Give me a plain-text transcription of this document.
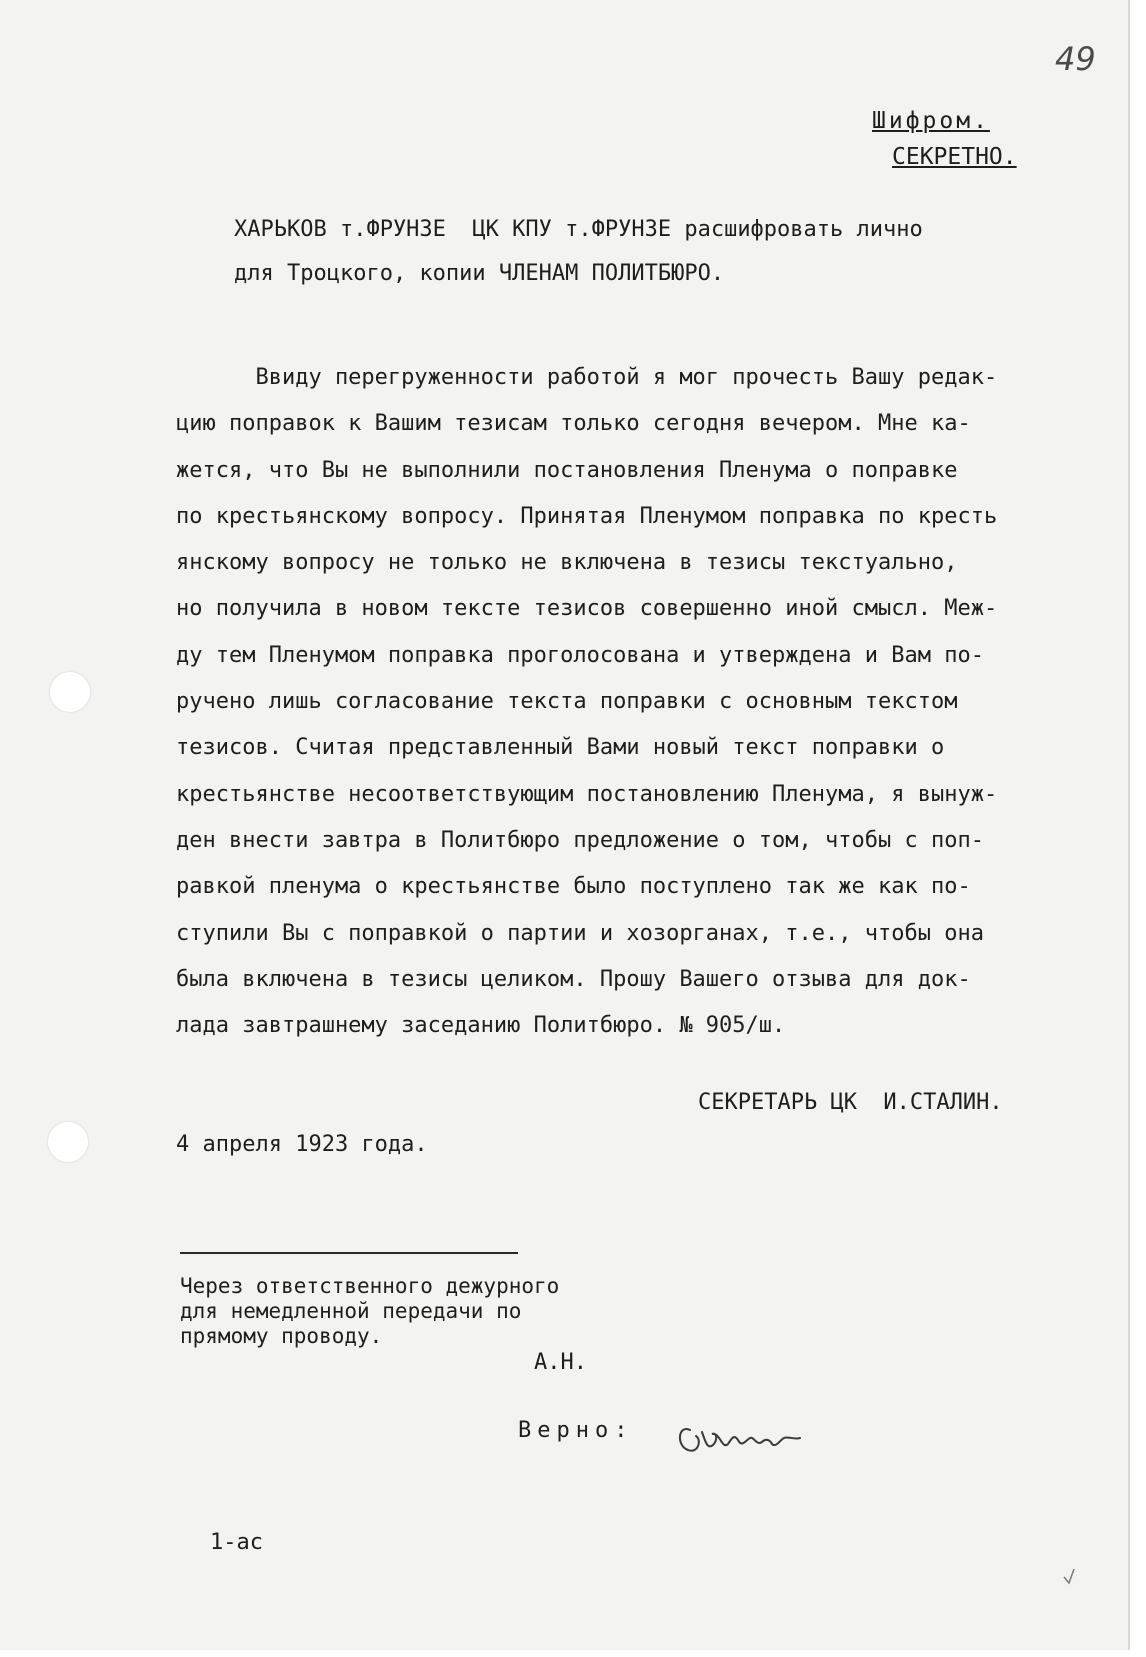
49
Шифром.
СЕКРЕТНО.
ХАРЬКОВ т.ФРУНЗЕ  ЦК КПУ т.ФРУНЗЕ расшифровать лично
для Троцкого, копии ЧЛЕНАМ ПОЛИТБЮРО.
Ввиду перегруженности работой я мог прочесть Вашу редак-
цию поправок к Вашим тезисам только сегодня вечером. Мне ка-
жется, что Вы не выполнили постановления Пленума о поправке
по крестьянскому вопросу. Принятая Пленумом поправка по кресть
янскому вопросу не только не включена в тезисы текстуально,
но получила в новом тексте тезисов совершенно иной смысл. Меж-
ду тем Пленумом поправка проголосована и утверждена и Вам по-
ручено лишь согласование текста поправки с основным текстом
тезисов. Считая представленный Вами новый текст поправки о
крестьянстве несоответствующим постановлению Пленума, я вынуж-
ден внести завтра в Политбюро предложение о том, чтобы с поп-
равкой пленума о крестьянстве было поступлено так же как по-
ступили Вы с поправкой о партии и хозорганах, т.е., чтобы она
была включена в тезисы целиком. Прошу Вашего отзыва для док-
лада завтрашнему заседанию Политбюро. № 905/ш.
СЕКРЕТАРЬ ЦК  И.СТАЛИН.
4 апреля 1923 года.
Через ответственного дежурного
для немедленной передачи по
прямому проводу.
А.Н.
Верно:
1-ас
